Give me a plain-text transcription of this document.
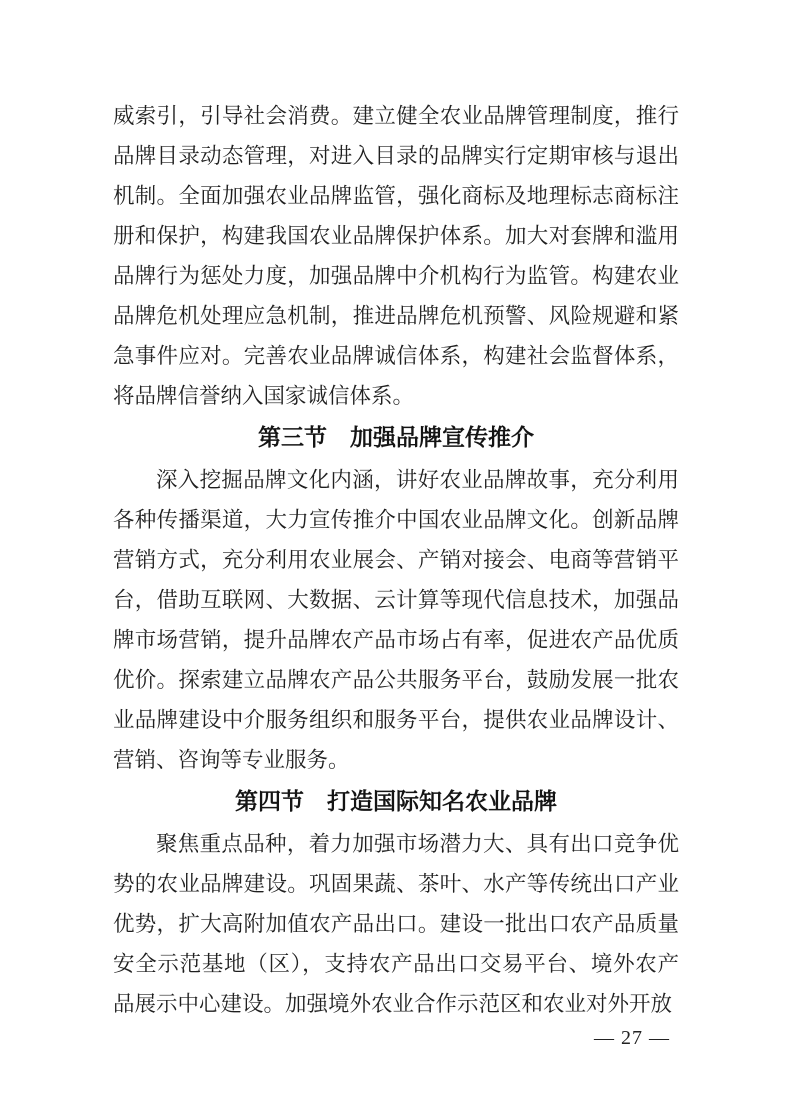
威索引，引导社会消费。建立健全农业品牌管理制度，推行品牌目录动态管理，对进入目录的品牌实行定期审核与退出机制。全面加强农业品牌监管，强化商标及地理标志商标注册和保护，构建我国农业品牌保护体系。加大对套牌和滥用品牌行为惩处力度，加强品牌中介机构行为监管。构建农业品牌危机处理应急机制，推进品牌危机预警、风险规避和紧急事件应对。完善农业品牌诚信体系，构建社会监督体系，将品牌信誉纳入国家诚信体系。
第三节　加强品牌宣传推介
深入挖掘品牌文化内涵，讲好农业品牌故事，充分利用各种传播渠道，大力宣传推介中国农业品牌文化。创新品牌营销方式，充分利用农业展会、产销对接会、电商等营销平台，借助互联网、大数据、云计算等现代信息技术，加强品牌市场营销，提升品牌农产品市场占有率，促进农产品优质优价。探索建立品牌农产品公共服务平台，鼓励发展一批农业品牌建设中介服务组织和服务平台，提供农业品牌设计、营销、咨询等专业服务。
第四节　打造国际知名农业品牌
聚焦重点品种，着力加强市场潜力大、具有出口竞争优势的农业品牌建设。巩固果蔬、茶叶、水产等传统出口产业优势，扩大高附加值农产品出口。建设一批出口农产品质量安全示范基地（区），支持农产品出口交易平台、境外农产品展示中心建设。加强境外农业合作示范区和农业对外开放
— 27 —
